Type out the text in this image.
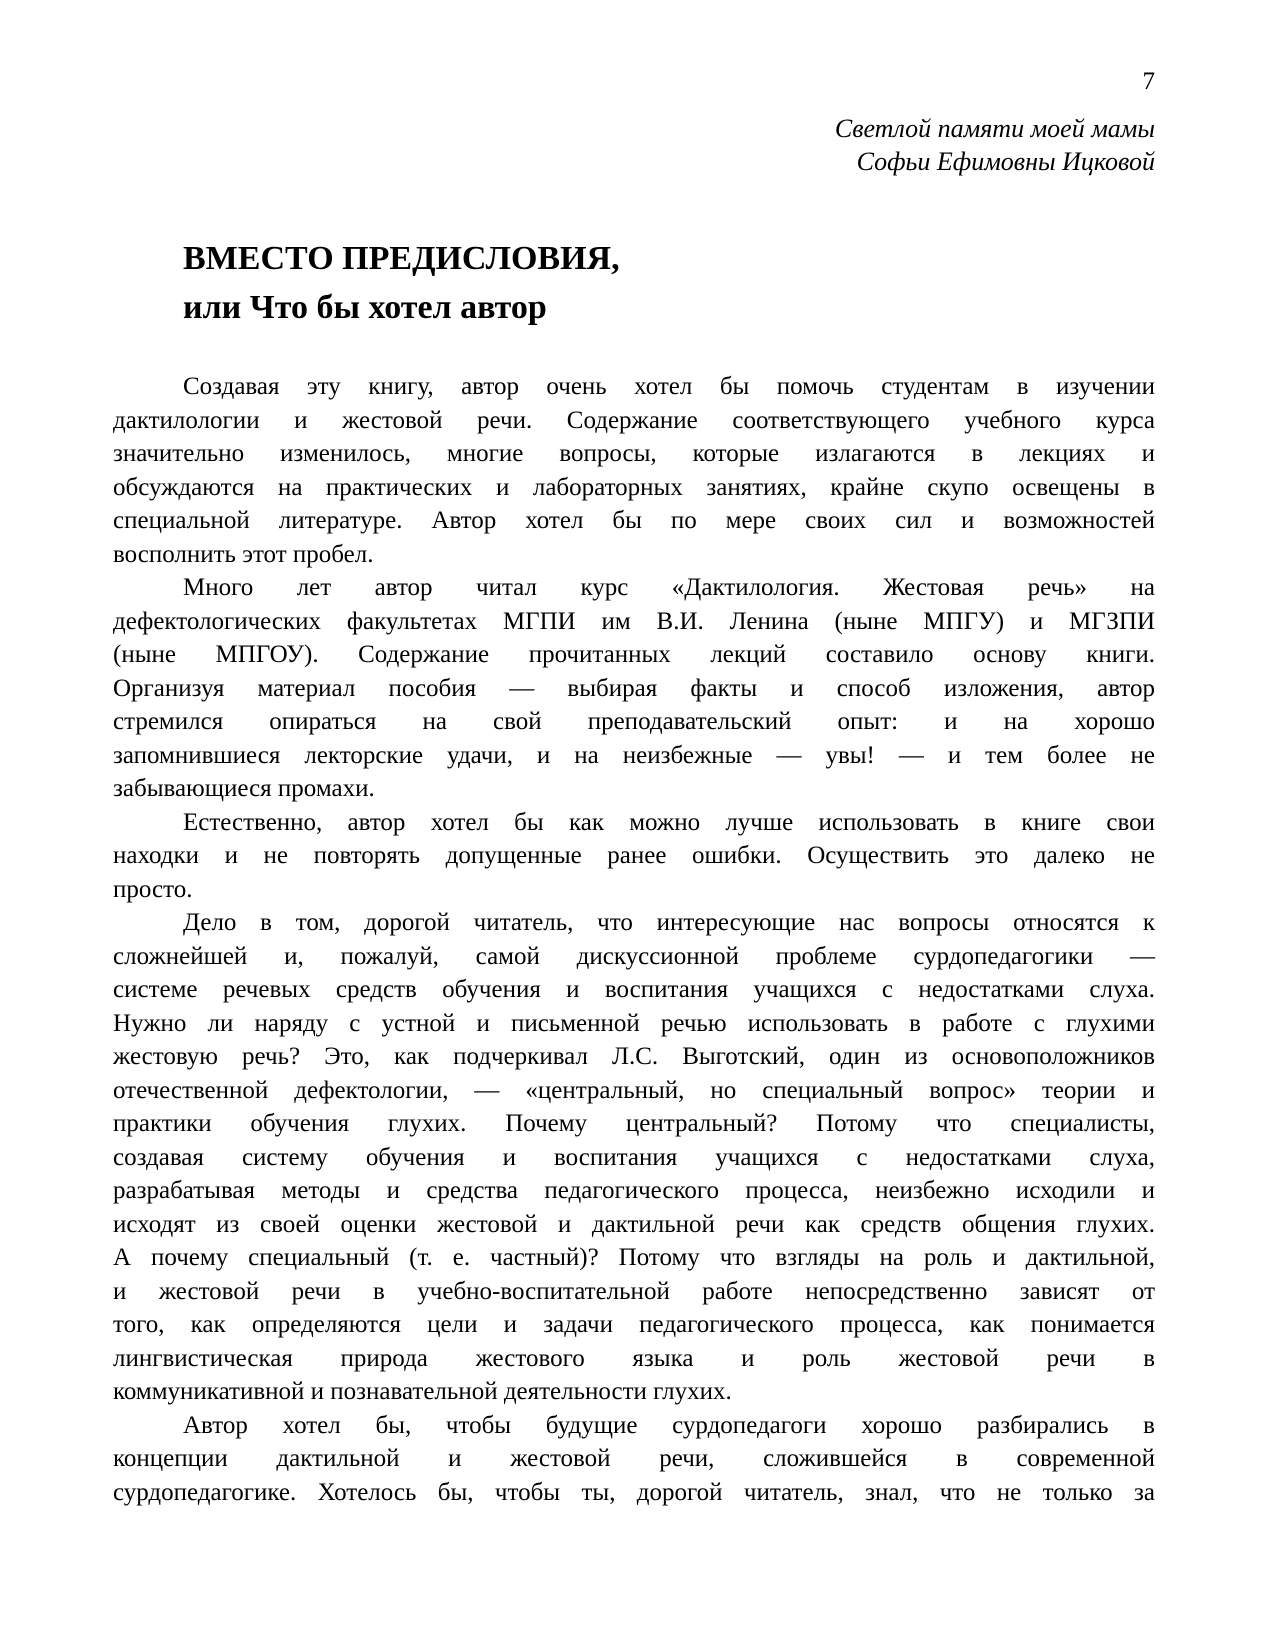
7
Светлой памяти моей мамы
Софьи Ефимовны Ицковой
ВМЕСТО ПРЕДИСЛОВИЯ,
или Что бы хотел автор
Создавая эту книгу, автор очень хотел бы помочь студентам в изучении
дактилологии и жестовой речи. Содержание соответствующего учебного курса
значительно изменилось, многие вопросы, которые излагаются в лекциях и
обсуждаются на практических и лабораторных занятиях, крайне скупо освещены в
специальной литературе. Автор хотел бы по мере своих сил и возможностей
восполнить этот пробел.
Много лет автор читал курс «Дактилология. Жестовая речь» на
дефектологических факультетах МГПИ им В.И. Ленина (ныне МПГУ) и МГЗПИ
(ныне МПГОУ). Содержание прочитанных лекций составило основу книги.
Организуя материал пособия — выбирая факты и способ изложения, автор
стремился опираться на свой преподавательский опыт: и на хорошо
запомнившиеся лекторские удачи, и на неизбежные — увы! — и тем более не
забывающиеся промахи.
Естественно, автор хотел бы как можно лучше использовать в книге свои
находки и не повторять допущенные ранее ошибки. Осуществить это далеко не
просто.
Дело в том, дорогой читатель, что интересующие нас вопросы относятся к
сложнейшей и, пожалуй, самой дискуссионной проблеме сурдопедагогики —
системе речевых средств обучения и воспитания учащихся с недостатками слуха.
Нужно ли наряду с устной и письменной речью использовать в работе с глухими
жестовую речь? Это, как подчеркивал Л.С. Выготский, один из основоположников
отечественной дефектологии, — «центральный, но специальный вопрос» теории и
практики обучения глухих. Почему центральный? Потому что специалисты,
создавая систему обучения и воспитания учащихся с недостатками слуха,
разрабатывая методы и средства педагогического процесса, неизбежно исходили и
исходят из своей оценки жестовой и дактильной речи как средств общения глухих.
А почему специальный (т. е. частный)? Потому что взгляды на роль и дактильной,
и жестовой речи в учебно-воспитательной работе непосредственно зависят от
того, как определяются цели и задачи педагогического процесса, как понимается
лингвистическая природа жестового языка и роль жестовой речи в
коммуникативной и познавательной деятельности глухих.
Автор хотел бы, чтобы будущие сурдопедагоги хорошо разбирались в
концепции дактильной и жестовой речи, сложившейся в современной
сурдопедагогике. Хотелось бы, чтобы ты, дорогой читатель, знал, что не только за
